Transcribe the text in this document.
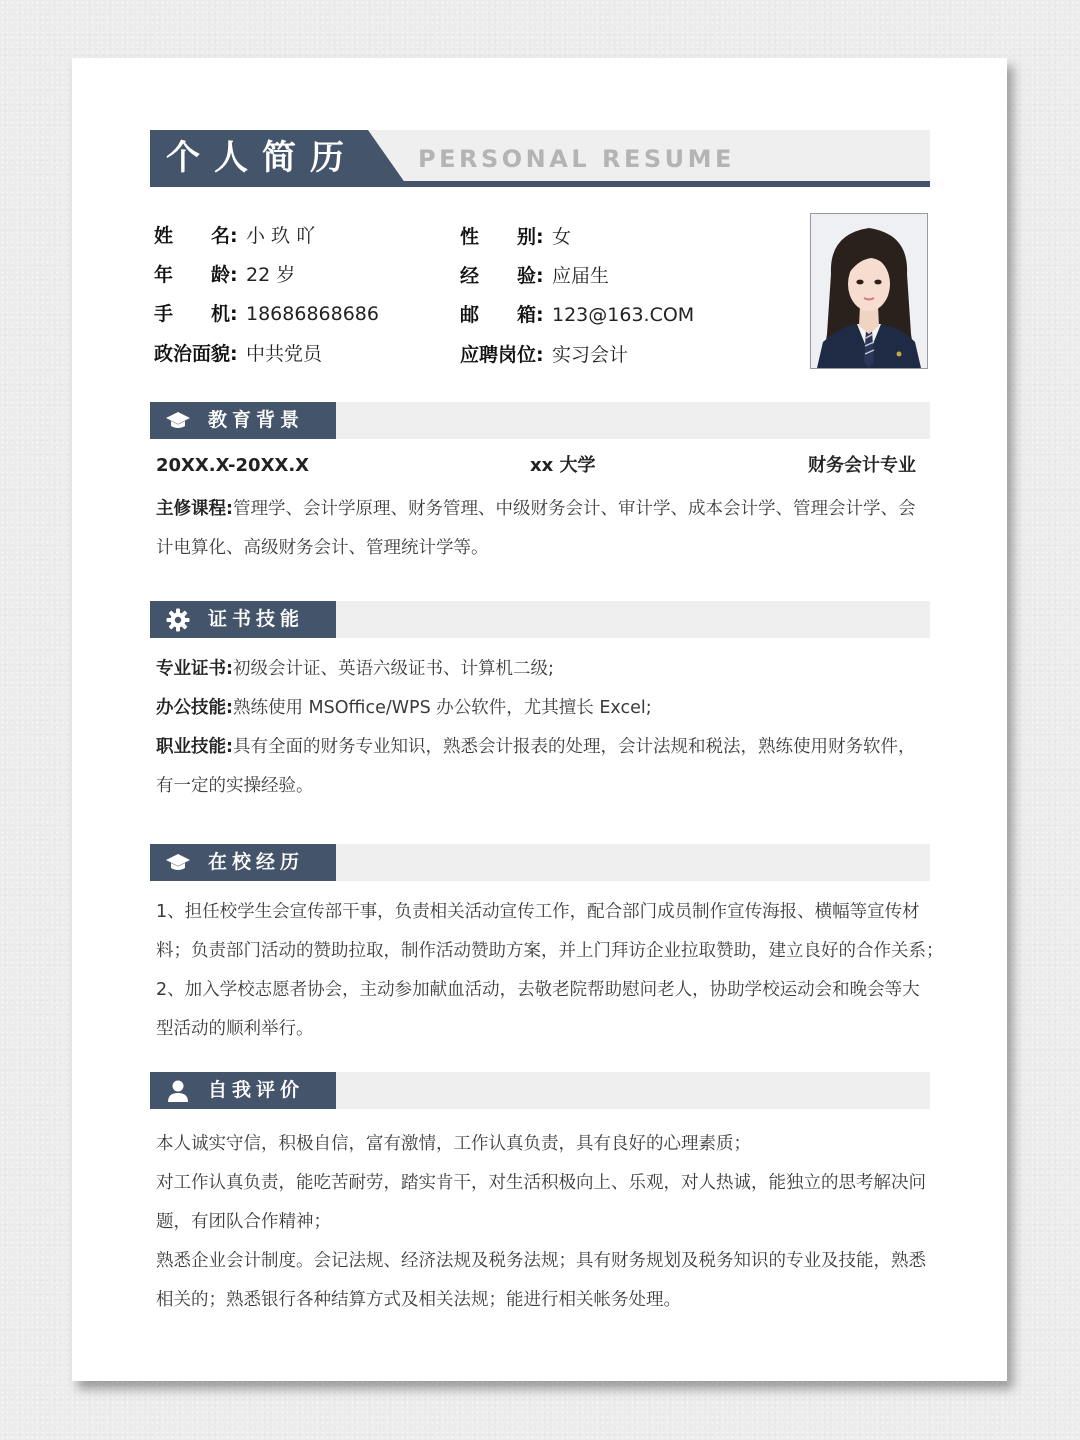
个人简历	PERSONAL RESUME
姓　　名: 小 玖 吖
年　　龄: 22 岁
手　　机: 18686868686
政治面貌: 中共党员
性　　别: 女
经　　验: 应届生
邮　　箱: 123@163.COM
应聘岗位: 实习会计
教育背景
20XX.X-20XX.X	xx 大学	财务会计专业
主修课程:管理学、会计学原理、财务管理、中级财务会计、审计学、成本会计学、管理会计学、会
计电算化、高级财务会计、管理统计学等。
证书技能
专业证书:初级会计证、英语六级证书、计算机二级;
办公技能:熟练使用 MSOffice/WPS 办公软件，尤其擅长 Excel;
职业技能:具有全面的财务专业知识，熟悉会计报表的处理，会计法规和税法，熟练使用财务软件，
有一定的实操经验。
在校经历
1、担任校学生会宣传部干事，负责相关活动宣传工作，配合部门成员制作宣传海报、横幅等宣传材
料；负责部门活动的赞助拉取，制作活动赞助方案，并上门拜访企业拉取赞助，建立良好的合作关系；
2、加入学校志愿者协会，主动参加献血活动，去敬老院帮助慰问老人，协助学校运动会和晚会等大
型活动的顺利举行。
自我评价
本人诚实守信，积极自信，富有激情，工作认真负责，具有良好的心理素质；
对工作认真负责，能吃苦耐劳，踏实肯干，对生活积极向上、乐观，对人热诚，能独立的思考解决问
题，有团队合作精神；
熟悉企业会计制度。会记法规、经济法规及税务法规；具有财务规划及税务知识的专业及技能，熟悉
相关的；熟悉银行各种结算方式及相关法规；能进行相关帐务处理。
